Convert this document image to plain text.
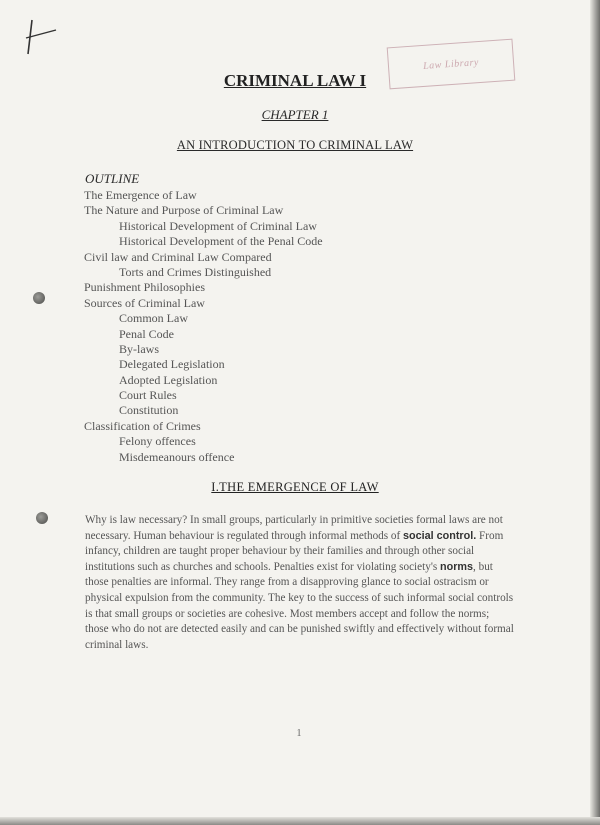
Law Library
CRIMINAL LAW I
CHAPTER 1
AN INTRODUCTION TO CRIMINAL LAW
OUTLINE
The Emergence of Law
The Nature and Purpose of Criminal Law
Historical Development of Criminal Law
Historical Development of the Penal Code
Civil law and Criminal Law Compared
Torts and Crimes Distinguished
Punishment Philosophies
Sources of Criminal Law
Common Law
Penal Code
By-laws
Delegated Legislation
Adopted Legislation
Court Rules
Constitution
Classification of Crimes
Felony offences
Misdemeanours offence
I.THE EMERGENCE OF LAW

Why is law necessary? In small groups, particularly in primitive societies formal laws are not necessary. Human behaviour is regulated through informal methods of social control. From infancy, children are taught proper behaviour by their families and through other social institutions such as churches and schools. Penalties exist for violating society's norms, but those penalties are informal. They range from a disapproving glance to social ostracism or physical expulsion from the community. The key to the success of such informal social controls is that small groups or societies are cohesive. Most members accept and follow the norms; those who do not are detected easily and can be punished swiftly and effectively without formal criminal laws.

1
